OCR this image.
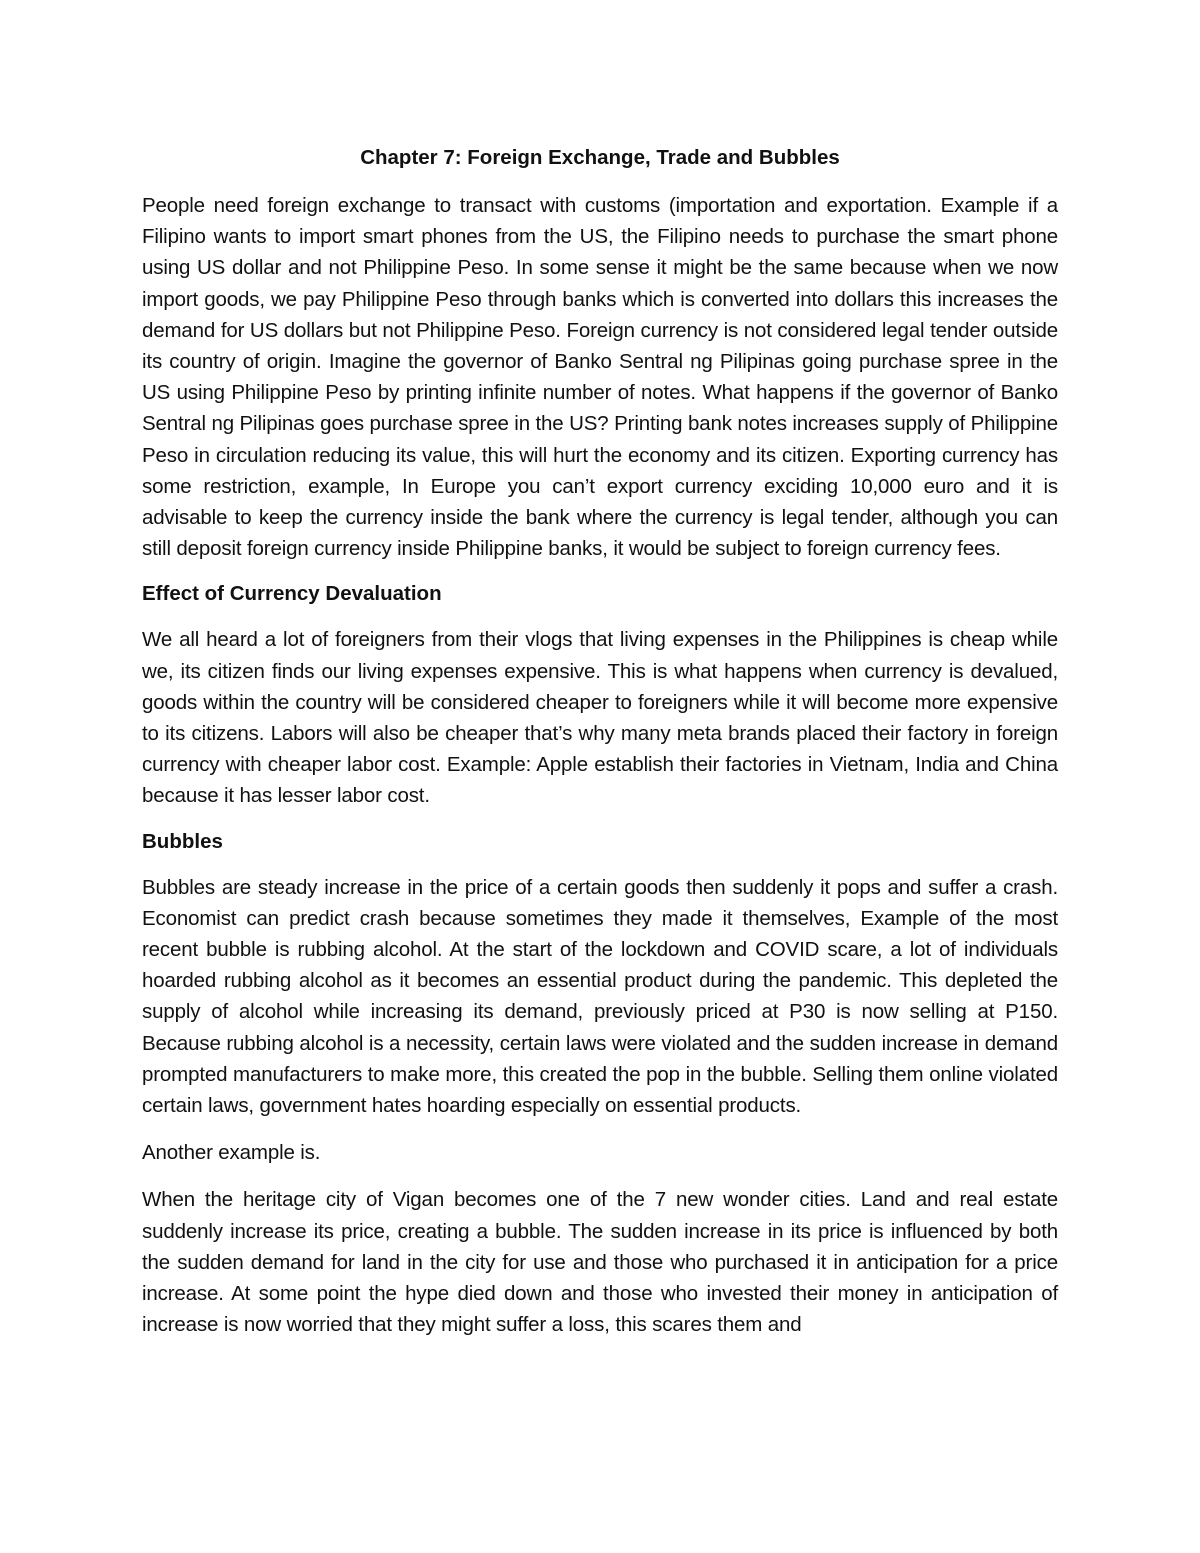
Chapter 7: Foreign Exchange, Trade and Bubbles

People need foreign exchange to transact with customs (importation and exportation. Example if a Filipino wants to import smart phones from the US, the Filipino needs to purchase the smart phone using US dollar and not Philippine Peso. In some sense it might be the same because when we now import goods, we pay Philippine Peso through banks which is converted into dollars this increases the demand for US dollars but not Philippine Peso. Foreign currency is not considered legal tender outside its country of origin. Imagine the governor of Banko Sentral ng Pilipinas going purchase spree in the US using Philippine Peso by printing infinite number of notes. What happens if the governor of Banko Sentral ng Pilipinas goes purchase spree in the US? Printing bank notes increases supply of Philippine Peso in circulation reducing its value, this will hurt the economy and its citizen. Exporting currency has some restriction, example, In Europe you can’t export currency exciding 10,000 euro and it is advisable to keep the currency inside the bank where the currency is legal tender, although you can still deposit foreign currency inside Philippine banks, it would be subject to foreign currency fees.

Effect of Currency Devaluation

We all heard a lot of foreigners from their vlogs that living expenses in the Philippines is cheap while we, its citizen finds our living expenses expensive. This is what happens when currency is devalued, goods within the country will be considered cheaper to foreigners while it will become more expensive to its citizens. Labors will also be cheaper that’s why many meta brands placed their factory in foreign currency with cheaper labor cost. Example: Apple establish their factories in Vietnam, India and China because it has lesser labor cost.

Bubbles

Bubbles are steady increase in the price of a certain goods then suddenly it pops and suffer a crash. Economist can predict crash because sometimes they made it themselves, Example of the most recent bubble is rubbing alcohol. At the start of the lockdown and COVID scare, a lot of individuals hoarded rubbing alcohol as it becomes an essential product during the pandemic. This depleted the supply of alcohol while increasing its demand, previously priced at P30 is now selling at P150. Because rubbing alcohol is a necessity, certain laws were violated and the sudden increase in demand prompted manufacturers to make more, this created the pop in the bubble. Selling them online violated certain laws, government hates hoarding especially on essential products.

Another example is.

When the heritage city of Vigan becomes one of the 7 new wonder cities. Land and real estate suddenly increase its price, creating a bubble. The sudden increase in its price is influenced by both the sudden demand for land in the city for use and those who purchased it in anticipation for a price increase. At some point the hype died down and those who invested their money in anticipation of increase is now worried that they might suffer a loss, this scares them and
